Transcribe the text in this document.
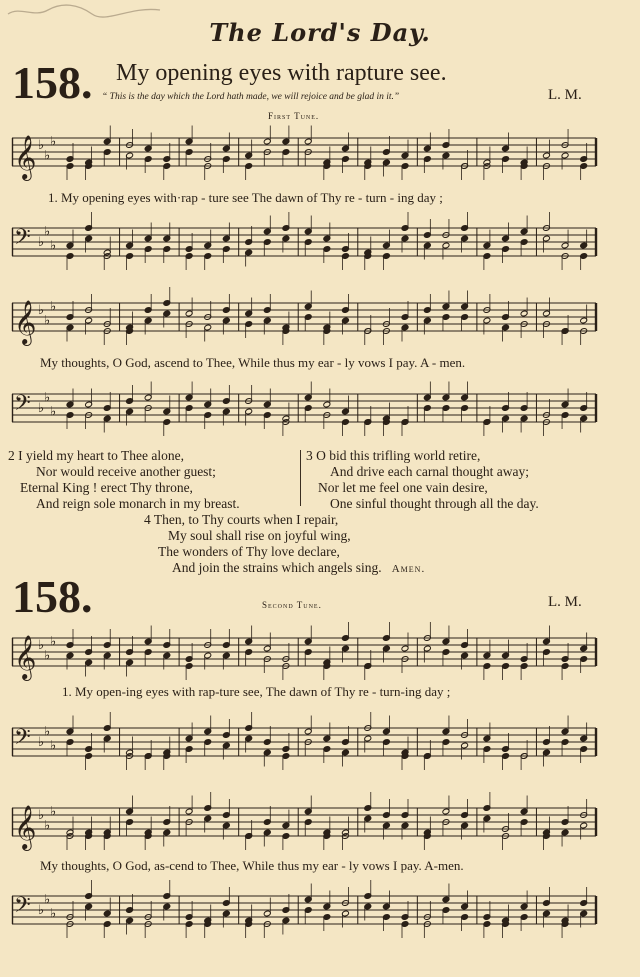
The Lord's Day.
158. My opening eyes with rapture see.
“ This is the day which the Lord hath made, we will rejoice and be glad in it.”	L. M.
First Tune.
𝄞 ♭
♭
♭
1. My opening eyes with·rap - ture see The dawn of Thy re - turn - ing day ;
𝄢 ♭
♭
♭
𝄞 ♭
♭
♭
My thoughts, O God, ascend to Thee, While thus my ear - ly vows I pay. A - men.
𝄢 ♭
♭
♭
2 I yield my heart to Thee alone,
Nor would receive another guest;
Eternal King ! erect Thy throne,
And reign sole monarch in my breast.
3 O bid this trifling world retire,
And drive each carnal thought away;
Nor let me feel one vain desire,
One sinful thought through all the day.
4 Then, to Thy courts when I repair,
My soul shall rise on joyful wing,
The wonders of Thy love declare,
And join the strains which angels sing. Amen.
158.	Second Tune.	L. M.
𝄞 ♭
♭
♭
1. My open-ing eyes with rap-ture see, The dawn of Thy re - turn-ing day ;
𝄢 ♭
♭
♭
𝄞 ♭
♭
♭
My thoughts, O God, as-cend to Thee, While thus my ear - ly vows I pay. A-men.
𝄢 ♭
♭
♭
